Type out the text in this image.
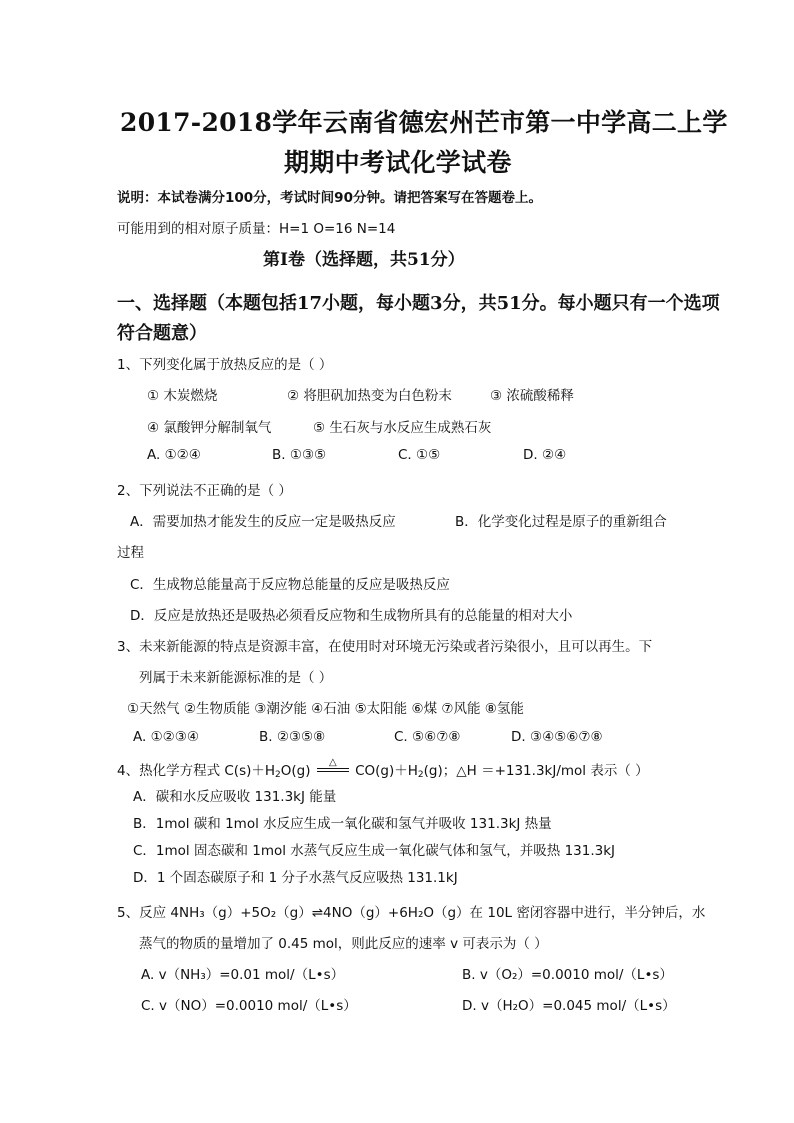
2017-2018学年云南省德宏州芒市第一中学高二上学
期期中考试化学试卷
说明：本试卷满分100分，考试时间90分钟。请把答案写在答题卷上。
可能用到的相对原子质量：H=1 O=16 N=14
第Ⅰ卷（选择题，共51分）
一、选择题（本题包括17小题，每小题3分，共51分。每小题只有一个选项
符合题意）
1、下列变化属于放热反应的是（ ）
① 木炭燃烧	② 将胆矾加热变为白色粉末	③ 浓硫酸稀释
④ 氯酸钾分解制氧气	⑤ 生石灰与水反应生成熟石灰
A. ①②④	B. ①③⑤	C. ①⑤	D. ②④
2、下列说法不正确的是（ ）
A．需要加热才能发生的反应一定是吸热反应	B．化学变化过程是原子的重新组合
过程
C．生成物总能量高于反应物总能量的反应是吸热反应
D．反应是放热还是吸热必须看反应物和生成物所具有的总能量的相对大小
3、未来新能源的特点是资源丰富，在使用时对环境无污染或者污染很小，且可以再生。下
列属于未来新能源标准的是（ ）
①天然气 ②生物质能 ③潮汐能 ④石油 ⑤太阳能 ⑥煤 ⑦风能 ⑧氢能
A. ①②③④	B. ②③⑤⑧	C. ⑤⑥⑦⑧	D. ③④⑤⑥⑦⑧
4、热化学方程式 $C(s)+H_2O(g)$ △
$CO(g)+H_2(g)$；△H ＝+131.3kJ/mol 表示（ ）
A．碳和水反应吸收 131.3kJ 能量
B．1mol 碳和 1mol 水反应生成一氧化碳和氢气并吸收 131.3kJ 热量
C．1mol 固态碳和 1mol 水蒸气反应生成一氧化碳气体和氢气，并吸热 131.3kJ
D．1 个固态碳原子和 1 分子水蒸气反应吸热 131.1kJ
5、反应 4NH₃（g）+5O₂（g）⇌4NO（g）+6H₂O（g）在 10L 密闭容器中进行，半分钟后，水
蒸气的物质的量增加了 0.45 mol，则此反应的速率 v 可表示为（ ）
A. v（NH₃）=0.01 mol/（L•s）	B. v（O₂）=0.0010 mol/（L•s）
C. v（NO）=0.0010 mol/（L•s）	D. v（H₂O）=0.045 mol/（L•s）
